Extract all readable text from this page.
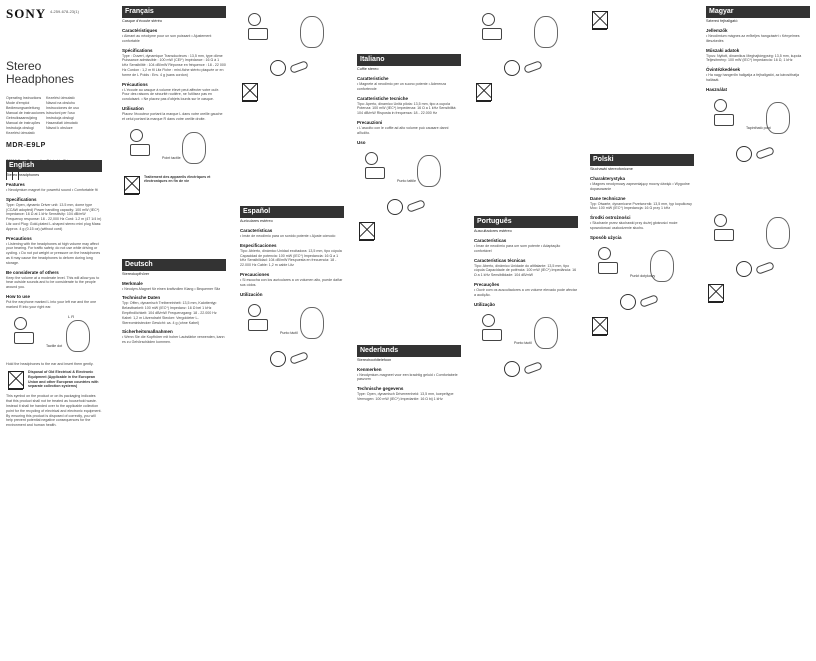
SONY 4-259-678-23(1)
Stereo
Headphones
Operating Instructions	Kezelési útmutató
Mode d'emploi	Návod na obsluhu
Bedienungsanleitung	Instrucciones de uso
Manual de instrucciones Istruzioni per l'uso
Gebruiksaanwijzing	Instrukcja obsługi
Manual de instruções	Használati útmutató
Instrukcja obsługi	Návod k obsluze
Kezelési útmutató
MDR-E9LP
English
Stereo headphones
Features

• Neodymium magnet for powerful sound • Comfortable fit

Specifications

Type: Open, dynamic Driver unit: 13.5 mm, dome type (CCAW adopted) Power handling capacity: 100 mW (IEC*) Impedance: 16 Ω at 1 kHz Sensitivity: 104 dB/mW Frequency response: 18 - 22,000 Hz Cord: 1.2 m (47 1/4 in) Litz cord Plug: Gold-plated L-shaped stereo mini plug Mass: Approx. 4 g (0.15 oz) (without cord)

Precautions

• Listening with the headphones at high volume may affect your hearing. For traffic safety, do not use while driving or cycling. • Do not put weight or pressure on the headphones as it may cause the headphones to deform during long storage.

Be considerate of others

Keep the volume at a moderate level. This will allow you to hear outside sounds and to be considerate to the people around you.

How to use

Put the earphone marked L into your left ear and the one marked R into your right ear.

Tactile dot
L R

Hold the headphones to the ear and insert them gently.

Disposal of Old Electrical & Electronic Equipment (Applicable in the European Union and other European countries with separate collection systems)

This symbol on the product or on its packaging indicates that this product shall not be treated as household waste. Instead it shall be handed over to the applicable collection point for the recycling of electrical and electronic equipment. By ensuring this product is disposed of correctly, you will help prevent potential negative consequences for the environment and human health.

Français
Casque d'écoute stéréo
Caractéristiques

• Aimant au néodyme pour un son puissant • Ajustement confortable

Spécifications

Type : Ouvert, dynamique Transducteurs : 13,5 mm, type dôme Puissance admissible : 100 mW (CEI*) Impédance : 16 Ω à 1 kHz Sensibilité : 104 dB/mW Réponse en fréquence : 18 - 22 000 Hz Cordon : 1,2 m fil Litz Fiche : mini-fiche stéréo plaquée or en forme de L Poids : Env. 4 g (sans cordon)

Précautions

• L'écoute au casque à volume élevé peut affecter votre ouïe. Pour des raisons de sécurité routière, ne l'utilisez pas en conduisant. • Ne placez pas d'objets lourds sur le casque.

Utilisation

Placez l'écouteur portant la marque L dans votre oreille gauche et celui portant la marque R dans votre oreille droite.

Point tactile
Traitement des appareils électriques et électroniques en fin de vie
Deutsch
Stereokopfhörer
Merkmale

• Neodym-Magnet für einen kraftvollen Klang • Bequemer Sitz

Technische Daten

Typ: Offen, dynamisch Treibereinheit: 13,5 mm, Kalottentyp Belastbarkeit: 100 mW (IEC*) Impedanz: 16 Ω bei 1 kHz Empfindlichkeit: 104 dB/mW Frequenzgang: 18 - 22.000 Hz Kabel: 1,2 m Litzendraht Stecker: Vergoldeter L-Stereoministecker Gewicht: ca. 4 g (ohne Kabel)

Sicherheitsmaßnahmen

• Wenn Sie die Kopfhörer mit hoher Lautstärke verwenden, kann es zu Gehörschäden kommen.

Español
Auriculares estéreo
Características

• Imán de neodimio para un sonido potente • Ajuste cómodo

Especificaciones

Tipo: Abierto, dinámico Unidad excitadora: 13,5 mm, tipo cúpula Capacidad de potencia: 100 mW (IEC*) Impedancia: 16 Ω a 1 kHz Sensibilidad: 104 dB/mW Respuesta en frecuencia: 18 - 22.000 Hz Cable: 1,2 m cable Litz

Precauciones

• Si escucha con los auriculares a un volumen alto, puede dañar sus oídos.

Utilización
Punto táctil
Italiano
Cuffie stereo
Caratteristiche

• Magnete al neodimio per un suono potente • Aderenza confortevole

Caratteristiche tecniche

Tipo: Aperto, dinamico Unità pilota: 13,5 mm, tipo a cupola Potenza: 100 mW (IEC*) Impedenza: 16 Ω a 1 kHz Sensibilità: 104 dB/mW Risposta in frequenza: 18 - 22.000 Hz

Precauzioni

• L'ascolto con le cuffie ad alto volume può causare danni all'udito.

Uso
Punto tattile
Nederlands
Stereohoofdtelefoon
Kenmerken

• Neodymium-magneet voor een krachtig geluid • Comfortabele pasvorm

Technische gegevens

Type: Open, dynamisch Drivereenheid: 13,5 mm, koepeltype Vermogen: 100 mW (IEC*) Impedantie: 16 Ω bij 1 kHz

Português
Auscultadores estéreo
Características

• Íman de neodímio para um som potente • Adaptação confortável

Características técnicas

Tipo: Aberto, dinâmico Unidade do altifalante: 13,5 mm, tipo cúpula Capacidade de potência: 100 mW (IEC*) Impedância: 16 Ω a 1 kHz Sensibilidade: 104 dB/mW

Precauções

• Ouvir com os auscultadores a um volume elevado pode afectar a audição.

Utilização
Ponto táctil
Polski
Słuchawki stereofoniczne
Charakterystyka

• Magnes neodymowy zapewniający mocny dźwięk • Wygodne dopasowanie

Dane techniczne

Typ: Otwarte, dynamiczne Przetwornik: 13,5 mm, typ kopułkowy Moc: 100 mW (IEC*) Impedancja: 16 Ω przy 1 kHz

Środki ostrożności

• Słuchanie przez słuchawki przy dużej głośności może spowodować uszkodzenie słuchu.

Sposób użycia
Punkt dotykowy
Magyar
Sztereó fejhallgató
Jellemzők

• Neodímium mágnes az erőteljes hangzásért • Kényelmes illeszkedés

Műszaki adatok

Típus: Nyitott, dinamikus Meghajtóegység: 13,5 mm, kupola Teljesítmény: 100 mW (IEC*) Impedancia: 16 Ω, 1 kHz

Óvintézkedések

• Ha nagy hangerőn hallgatja a fejhallgatót, az károsíthatja hallását.

Használat
Tapintható pont
